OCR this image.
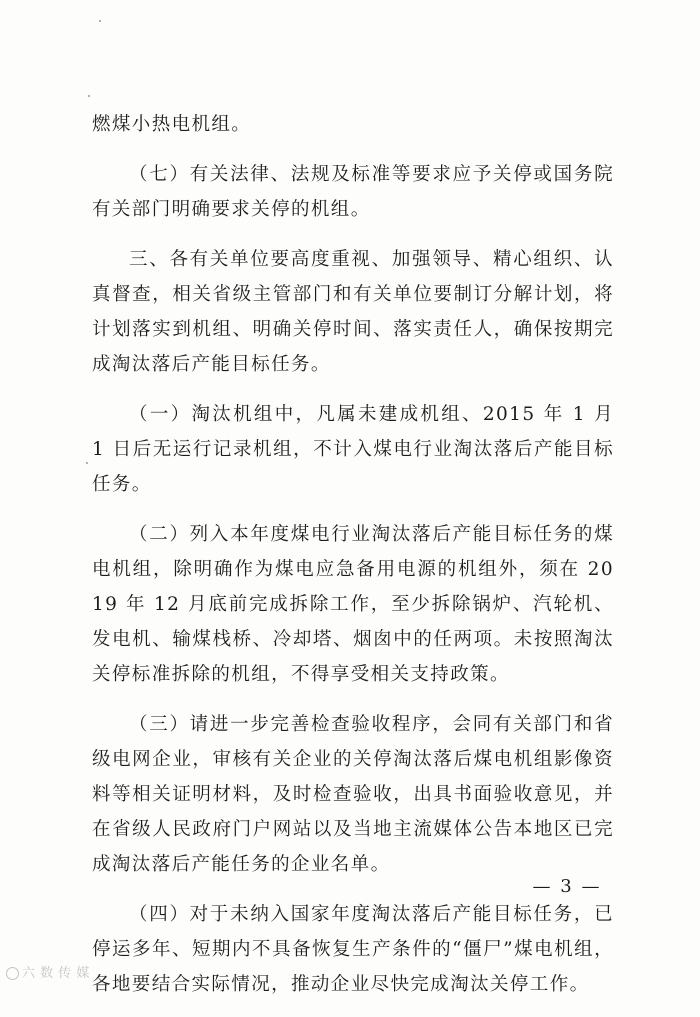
燃煤小热电机组。

（七）有关法律、法规及标准等要求应予关停或国务院有关部门明确要求关停的机组。

三、各有关单位要高度重视、加强领导、精心组织、认真督查，相关省级主管部门和有关单位要制订分解计划，将计划落实到机组、明确关停时间、落实责任人，确保按期完成淘汰落后产能目标任务。

（一）淘汰机组中，凡属未建成机组、2015 年 1 月 1 日后无运行记录机组，不计入煤电行业淘汰落后产能目标任务。

（二）列入本年度煤电行业淘汰落后产能目标任务的煤电机组，除明确作为煤电应急备用电源的机组外，须在 2019 年 12 月底前完成拆除工作，至少拆除锅炉、汽轮机、发电机、输煤栈桥、冷却塔、烟囱中的任两项。未按照淘汰关停标准拆除的机组，不得享受相关支持政策。

（三）请进一步完善检查验收程序，会同有关部门和省级电网企业，审核有关企业的关停淘汰落后煤电机组影像资料等相关证明材料，及时检查验收，出具书面验收意见，并在省级人民政府门户网站以及当地主流媒体公告本地区已完成淘汰落后产能任务的企业名单。

（四）对于未纳入国家年度淘汰落后产能目标任务，已停运多年、短期内不具备恢复生产条件的“僵尸”煤电机组，各地要结合实际情况，推动企业尽快完成淘汰关停工作。

— 3 —
六 数 传 媒
